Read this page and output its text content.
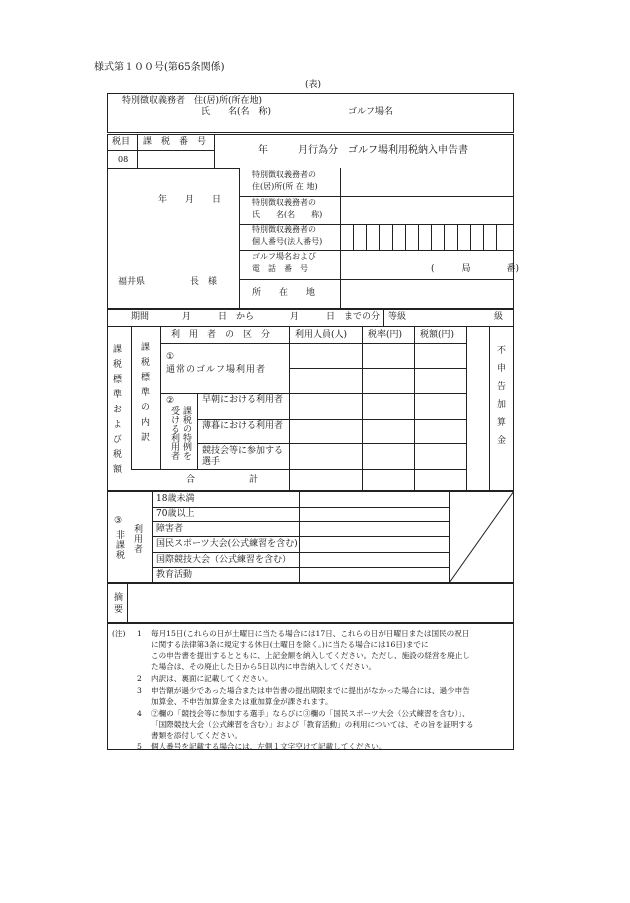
様式第１００号(第65条関係)
(表)
特別徴収義務者　住(居)所(所在地)
氏　　名(名　称)	ゴルフ場名
税目 課　税　番　号
08
年　　　月行為分　ゴルフ場利用税納入申告書
年　　月　　日
福井県　　　　　長　様
特別徴収義務者の
住(居)所(所 在 地)
特別徴収義務者の
氏　　名(名　　称)
特別徴収義務者の
個人番号(法人番号)
ゴルフ場名および
電　話　番　号	(　　　局　　　　番)
所　　在　　地
期間	月　　　日　から　　　　月　　　日　までの分 等級	級
利　用　者　の　区　分	利用人員(人) 税率(円) 税額(円)
課税標準および税額 課税標準の内訳 ①
通常のゴルフ場利用者
②
課税の特例を
受ける利用者
早朝における利用者
薄暮における利用者
競技会等に参加する選手
合　　　　　　計
不申告加算金
③
非課税 利用者
18歳未満
70歳以上
障害者
国民スポーツ大会(公式練習を含む)
国際競技大会（公式練習を含む）
教育活動
摘要
(注) 1 毎月15日(これらの日が土曜日に当たる場合には17日、これらの日が日曜日または国民の祝日
に関する法律第3条に規定する休日(土曜日を除く。)に当たる場合には16日)までに
この申告書を提出するとともに、上記金額を納入してください。ただし、施設の経営を廃止し
た場合は、その廃止した日から5日以内に申告納入してください。
2 内訳は、裏面に記載してください。
3 申告額が過少であった場合または申告書の提出期限までに提出がなかった場合には、過少申告
加算金、不申告加算金または重加算金が課されます。
4 ②欄の「競技会等に参加する選手」ならびに③欄の「国民スポーツ大会（公式練習を含む）」、
「国際競技大会（公式練習を含む）」および「教育活動」の利用については、その旨を証明する
書類を添付してください。
5 個人番号を記載する場合には、左側１文字空けて記載してください。
